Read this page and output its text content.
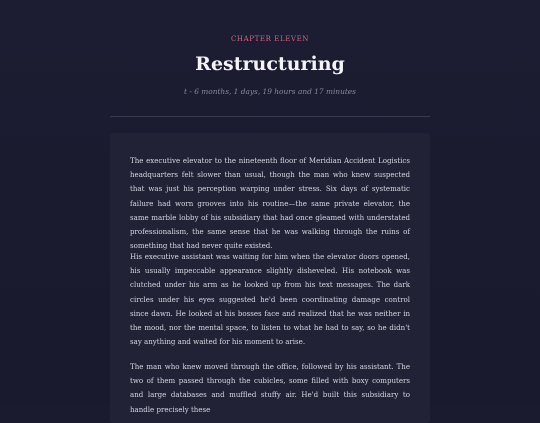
CHAPTER ELEVEN
Restructuring
t - 6 months, 1 days, 19 hours and 17 minutes

The executive elevator to the nineteenth floor of Meridian Accident Logistics headquarters felt slower than usual, though the man who knew suspected that was just his perception warping under stress. Six days of systematic failure had worn grooves into his routine—the same private elevator, the same marble lobby of his subsidiary that had once gleamed with understated professionalism, the same sense that he was walking through the ruins of something that had never quite existed.

His executive assistant was waiting for him when the elevator doors opened, his usually impeccable appearance slightly disheveled. His notebook was clutched under his arm as he looked up from his text messages. The dark circles under his eyes suggested he'd been coordinating damage control since dawn. He looked at his bosses face and realized that he was neither in the mood, nor the mental space, to listen to what he had to say, so he didn't say anything and waited for his moment to arise.

The man who knew moved through the office, followed by his assistant. The two of them passed through the cubicles, some filled with boxy computers and large databases and muffled stuffy air. He'd built this subsidiary to handle precisely these
